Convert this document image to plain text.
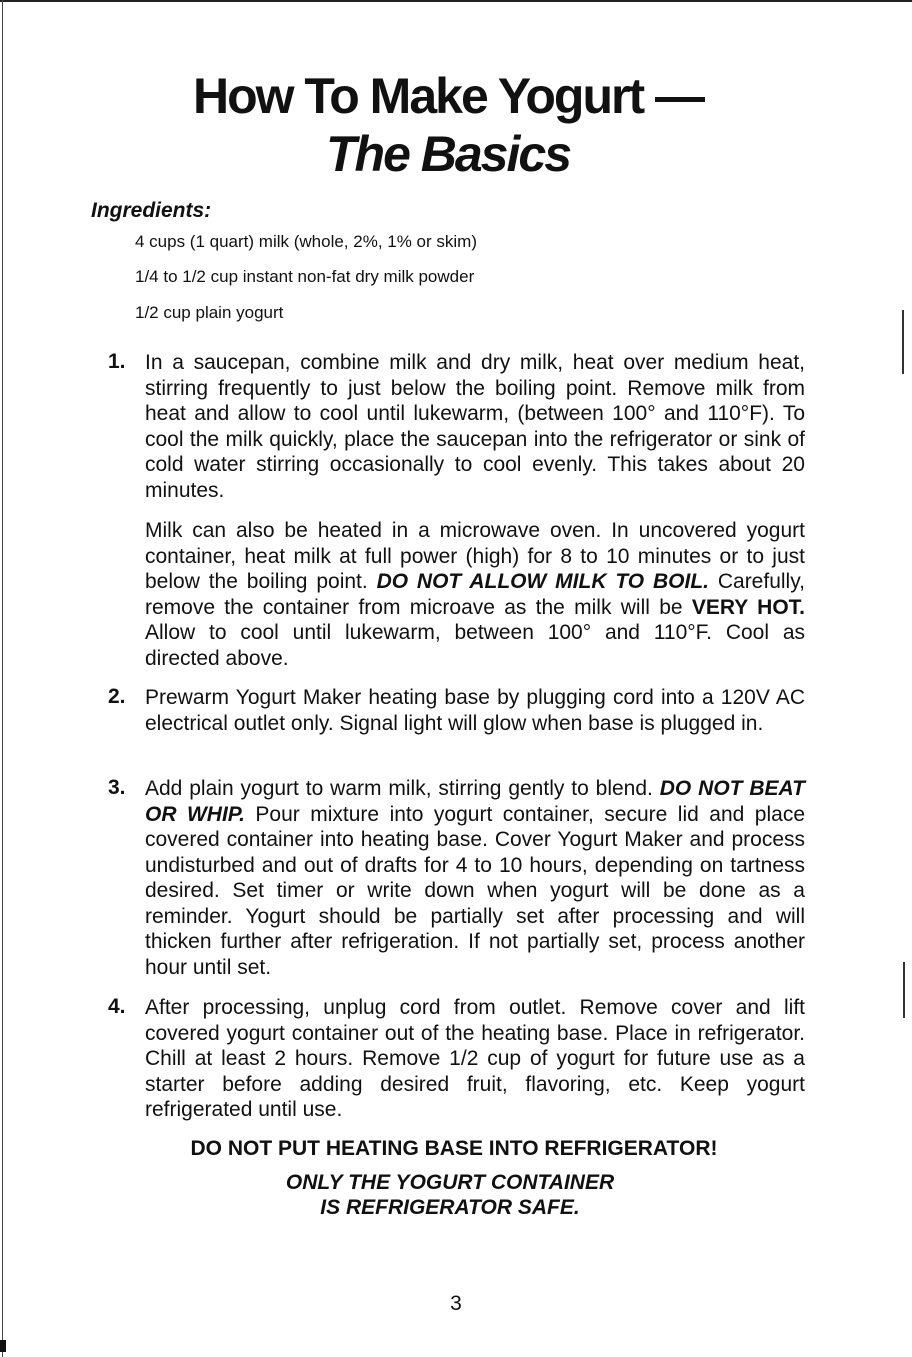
How To Make Yogurt —
The Basics
Ingredients:
4 cups (1 quart) milk (whole, 2%, 1% or skim)
1/4 to 1/2 cup instant non-fat dry milk powder
1/2 cup plain yogurt
1. In a saucepan, combine milk and dry milk, heat over medium heat, stirring frequently to just below the boiling point. Remove milk from heat and allow to cool until lukewarm, (between 100° and 110°F). To cool the milk quickly, place the saucepan into the refrigerator or sink of cold water stirring occasionally to cool evenly. This takes about 20 minutes.

Milk can also be heated in a microwave oven. In uncovered yogurt container, heat milk at full power (high) for 8 to 10 minutes or to just below the boiling point. DO NOT ALLOW MILK TO BOIL. Carefully, remove the container from microave as the milk will be VERY HOT. Allow to cool until lukewarm, between 100° and 110°F. Cool as directed above.

2. Prewarm Yogurt Maker heating base by plugging cord into a 120V AC electrical outlet only. Signal light will glow when base is plugged in.

3. Add plain yogurt to warm milk, stirring gently to blend. DO NOT BEAT OR WHIP. Pour mixture into yogurt container, secure lid and place covered container into heating base. Cover Yogurt Maker and process undisturbed and out of drafts for 4 to 10 hours, depending on tartness desired. Set timer or write down when yogurt will be done as a reminder. Yogurt should be partially set after processing and will thicken further after refrigeration. If not partially set, process another hour until set.

4. After processing, unplug cord from outlet. Remove cover and lift covered yogurt container out of the heating base. Place in refrigerator. Chill at least 2 hours. Remove 1/2 cup of yogurt for future use as a starter before adding desired fruit, flavoring, etc. Keep yogurt refrigerated until use.

DO NOT PUT HEATING BASE INTO REFRIGERATOR!

ONLY THE YOGURT CONTAINER

IS REFRIGERATOR SAFE.

3
